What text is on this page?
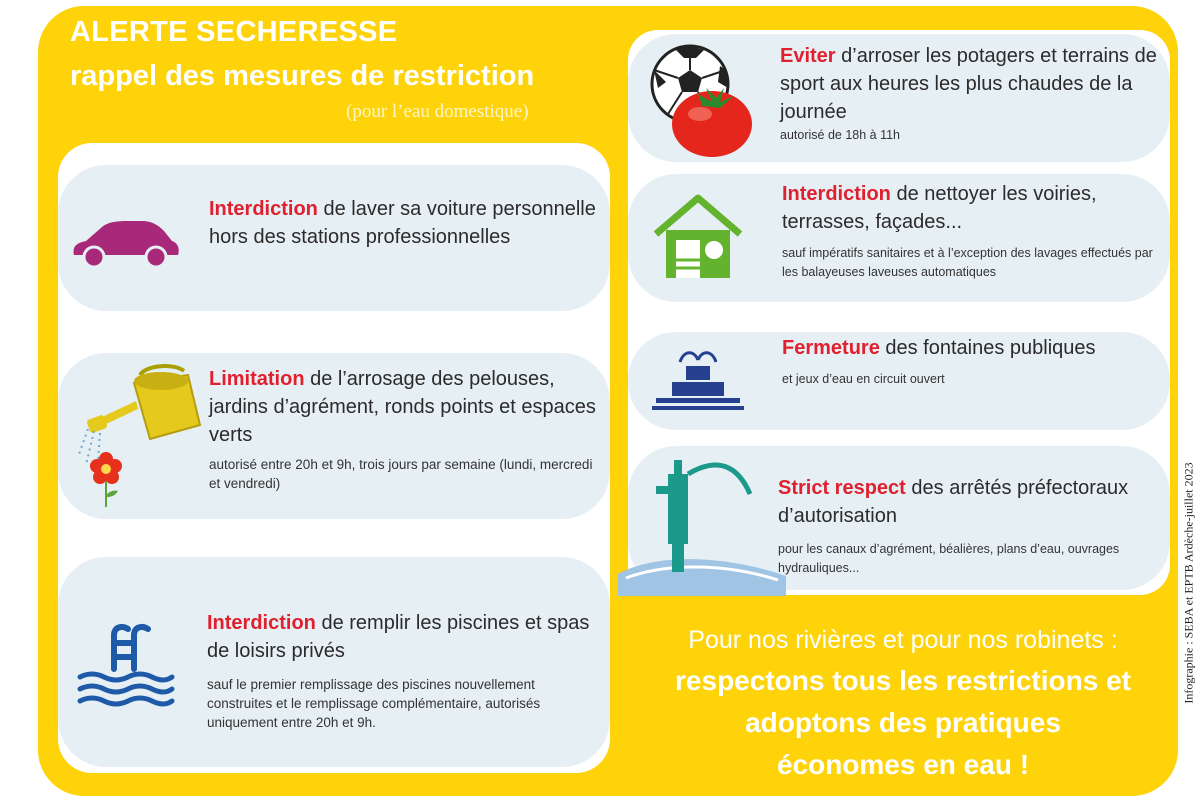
ALERTE SECHERESSE
rappel des mesures de restriction

(pour l’eau domestique)

Interdiction de laver sa voiture personnelle hors des stations professionnelles

Limitation de l’arrosage des pelouses, jardins d’agrément, ronds points et espaces verts

autorisé entre 20h et 9h, trois jours par semaine (lundi, mercredi et vendredi)

Interdiction de remplir les piscines et spas de loisirs privés

sauf le premier remplissage des piscines nouvellement construites et le remplissage complémentaire, autorisés uniquement entre 20h et 9h.

Eviter d’arroser les potagers et terrains de sport aux heures les plus chaudes de la journée

autorisé de 18h à 11h

Interdiction de nettoyer les voiries, terrasses, façades...

sauf impératifs sanitaires et à l’exception des lavages effectués par les balayeuses laveuses automatiques

Fermeture des fontaines publiques

et jeux d’eau en circuit ouvert

Strict respect des arrêtés préfectoraux d’autorisation

pour les canaux d’agrément, béalières, plans d’eau, ouvrages hydrauliques...

Pour nos rivières et pour nos robinets :
respectons tous les restrictions et
adoptons des pratiques
économes en eau !

Infographie : SEBA et EPTB Ardèche-juillet 2023
